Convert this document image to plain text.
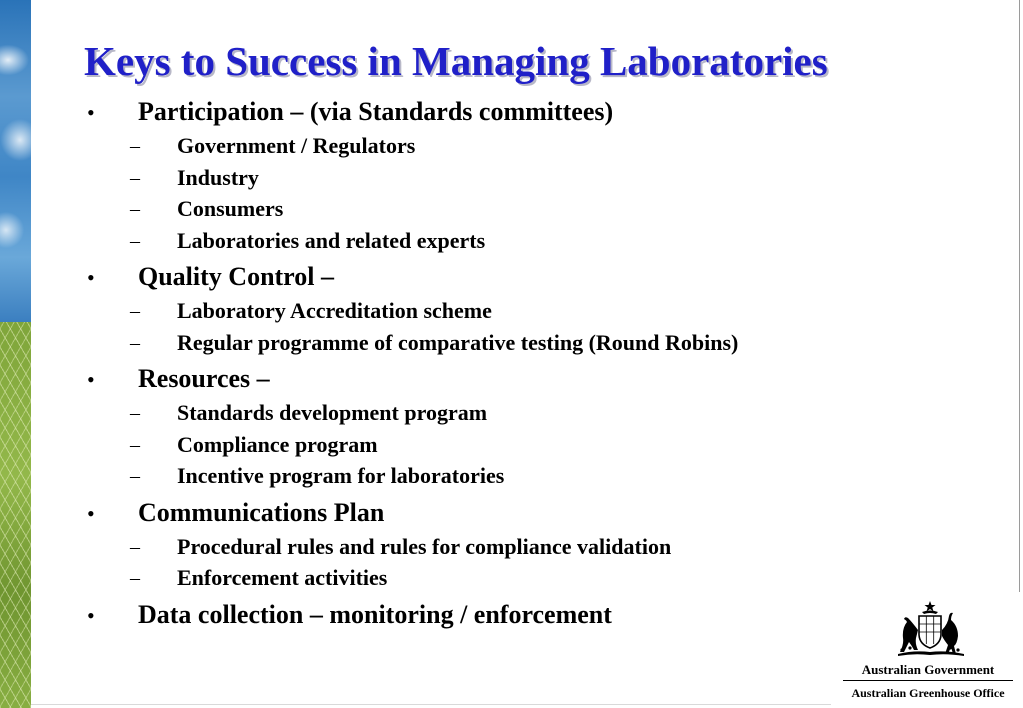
Keys to Success in Managing Laboratories
• Participation – (via Standards committees)
– Government / Regulators
– Industry
– Consumers
– Laboratories and related experts
• Quality Control –
– Laboratory Accreditation scheme
– Regular programme of comparative testing (Round Robins)
• Resources –
– Standards development program
– Compliance program
– Incentive program for laboratories
• Communications Plan
– Procedural rules and rules for compliance validation
– Enforcement activities
• Data collection – monitoring / enforcement
Australian Government
Australian Greenhouse Office
